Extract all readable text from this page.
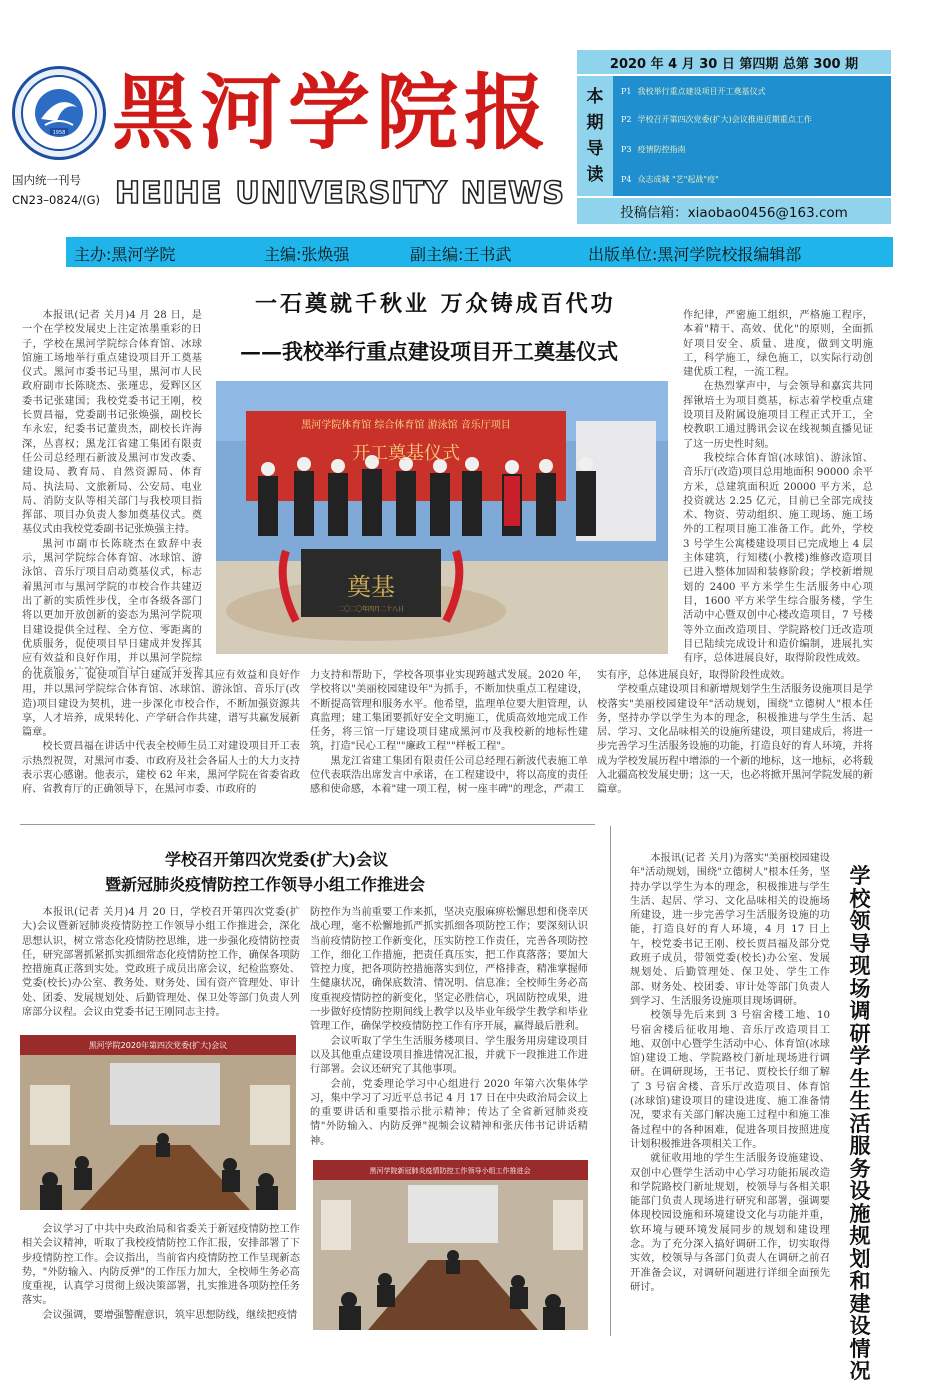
1958
国内统一刊号
CN23–0824/(G)
黑河学院报
HEIHE UNIVERSITY NEWS
2020 年 4 月 30 日 第四期 总第 300 期
本期导读
P1 我校举行重点建设项目开工奠基仪式
P2 学校召开第四次党委(扩大)会议推进近期重点工作
P3 疫情防控指南
P4 众志成城 "艺"起战"疫"
投稿信箱：xiaobao0456@163.com
主办:黑河学院	主编:张焕强	副主编:王书武	出版单位:黑河学院校报编辑部
一石奠就千秋业 万众铸成百代功
——我校举行重点建设项目开工奠基仪式

本报讯(记者 关月)4 月 28 日，是一个在学校发展史上注定浓墨重彩的日子，学校在黑河学院综合体育馆、冰球馆施工场地举行重点建设项目开工奠基仪式。黑河市委书记马里，黑河市人民政府副市长陈晓杰、张瑾忠，爱辉区区委书记张建国；我校党委书记王刚，校长贾昌福，党委副书记张焕强，副校长车永宏，纪委书记董贵杰，副校长许海深，丛喜权；黑龙江省建工集团有限责任公司总经理石新波及黑河市发改委、建设局、教育局、自然资源局、体育局、执法局、文旅新局、公安局、电业局、消防支队等相关部门与我校项目指挥部、项目办负责人参加奠基仪式。奠基仪式由我校党委副书记张焕强主持。

黑河市副市长陈晓杰在致辞中表示，黑河学院综合体育馆、冰球馆、游泳馆、音乐厅项目启动奠基仪式，标志着黑河市与黑河学院的市校合作共建迈出了新的实质性步伐，全市各级各部门将以更加开放创新的姿态为黑河学院项目建设提供全过程、全方位、零距离的优质服务，促使项目早日建成并发挥其应有效益和良好作用，并以黑河学院综

的优质服务，促使项目早日建成并发挥其应有效益和良好作用，并以黑河学院综合体育馆、冰球馆、游泳馆、音乐厅(改造)项目建设为契机，进一步深化市校合作，不断加强资源共享，人才培养，成果转化、产学研合作共建，谱写共赢发展新篇章。

校长贾昌福在讲话中代表全校师生员工对建设项目开工表示热烈祝贺，对黑河市委、市政府及社会各届人士的大力支持表示衷心感谢。他表示，建校 62 年来，黑河学院在省委省政府、省教育厅的正确领导下，在黑河市委、市政府的

黑河学院体育馆 综合体育馆 游泳馆 音乐厅项目
开工奠基仪式
奠基
二〇二〇年四月二十八日

力支持和帮助下，学校各项事业实现跨越式发展。2020 年，学校将以"美丽校园建设年"为抓手，不断加快重点工程建设，不断提高管理和服务水平。他希望，监理单位要大胆管理，认真监理；建工集团要抓好安全文明施工，优质高效地完成工作任务，将三馆一厅建设项目建成黑河市及我校新的地标性建筑，打造"民心工程""廉政工程""样板工程"。

黑龙江省建工集团有限责任公司总经理石新波代表施工单位代表联浩出席发言中承诺，在工程建设中，将以高度的责任感和使命感，本着"建一项工程，树一座丰碑"的理念，严肃工

作纪律，严密施工组织，严格施工程序，本着"精干、高效、优化"的原则，全面抓好项目安全、质量、进度，做到文明施工，科学施工，绿色施工，以实际行动创建优质工程，一流工程。

在热烈掌声中，与会领导和嘉宾共同挥锹培土为项目奠基，标志着学校重点建设项目及附属设施项目工程正式开工，全校教职工通过腾讯会议在线视频直播见证了这一历史性时刻。

我校综合体育馆(冰球馆)、游泳馆、音乐厅(改造)项目总用地面积 90000 余平方米，总建筑面积近 20000 平方米，总投资就达 2.25 亿元，目前已全部完成技术、物资、劳动组织、施工现场、施工场外的工程项目施工准备工作。此外，学校 3 号学生公寓楼建设项目已完成地上 4 层主体建筑，行知楼(小教楼)维修改造项目已进入整体加固和装修阶段；学校新增规划的 2400 平方米学生生活服务中心项目，1600 平方米学生综合服务楼，学生活动中心暨双创中心楼改造项目，7 号楼等外立面改造项目、学院路校门迁改造项目已陆续完成设计和造价编制，进展扎实有序，总体进展良好，取得阶段性成效。

实有序，总体进展良好，取得阶段性成效。

学校重点建设项目和新增规划学生生活服务设施项目是学校落实"美丽校园建设年"活动规划，围绕"立德树人"根本任务，坚持办学以学生为本的理念，积极推进与学生生活、起居、学习、文化品味相关的设施所建设，项目建成后，将进一步完善学习生活服务设施的功能，打造良好的育人环境，并将成为学校发展历程中增添的一个新的地标，这一地标，必将载入北疆高校发展史册；这一天，也必将掀开黑河学院发展的新篇章。

学校召开第四次党委(扩大)会议
暨新冠肺炎疫情防控工作领导小组工作推进会

本报讯(记者 关月)4 月 20 日，学校召开第四次党委(扩大)会议暨新冠肺炎疫情防控工作领导小组工作推进会，深化思想认识，树立常态化疫情防控思维，进一步强化疫情防控责任，研究部署抓紧抓实抓细常态化疫情防控工作，确保各项防控措施真正落到实处。党政班子成员出席会议，纪检监察处、党委(校长)办公室、教务处、财务处、国有资产管理处、审计处、团委、发展规划处、后勤管理处、保卫处等部门负责人列席部分议程。会议由党委书记王刚同志主持。

黑河学院2020年第四次党委(扩大)会议

会议学习了中共中央政治局和省委关于新冠疫情防控工作相关会议精神，听取了我校疫情防控工作汇报，安排部署了下步疫情防控工作。会议指出，当前省内疫情防控工作呈现新态势，"外防输入、内防反弹"的工作压力加大，全校师生务必高度重视，认真学习贯彻上级决策部署，扎实推进各项防控任务落实。

会议强调，要增强警醒意识，筑牢思想防线，继续把疫情

防控作为当前重要工作来抓，坚决克服麻痹松懈思想和侥幸厌战心理，毫不松懈地抓严抓实抓细各项防控工作；要深刻认识当前疫情防控工作新变化，压实防控工作责任，完善各项防控工作，细化工作措施，把责任真压实，把工作真落落；要加大管控力度，把各项防控措施落实到位，严格排查，精准掌握师生健康状况，确保底数清、情况明、信息准；全校师生务必高度重视疫情防控的新变化，坚定必胜信心，巩固防控成果，进一步做好疫情防控期间线上教学以及毕业年级学生教学和毕业管理工作，确保学校疫情防控工作有序开展，赢得最后胜利。

会议听取了学生生活服务楼项目、学生服务用房建设项目以及其他重点建设项目推进情况汇报，并就下一段推进工作进行部署。会议还研究了其他事项。

会前，党委理论学习中心组进行 2020 年第六次集体学习，集中学习了习近平总书记 4 月 17 日在中央政治局会议上的重要讲话和重要指示批示精神；传达了全省新冠肺炎疫情"外防输入、内防反弹"视频会议精神和张庆伟书记讲话精神。

黑河学院新冠肺炎疫情防控工作领导小组工作推进会

本报讯(记者 关月)为落实"美丽校园建设年"活动规划，围绕"立德树人"根本任务，坚持办学以学生为本的理念，积极推进与学生生活、起居、学习、文化品味相关的设施场所建设，进一步完善学习生活服务设施的功能，打造良好的育人环境，4 月 17 日上午，校党委书记王刚、校长贾昌福及部分党政班子成员，带领党委(校长)办公室、发展规划处、后勤管理处、保卫处、学生工作部、财务处、校团委、审计处等部门负责人到学习、生活服务设施项目现场调研。

校领导先后来到 3 号宿舍楼工地、10 号宿舍楼后征收用地、音乐厅改造项目工地、双创中心暨学生活动中心、体育馆(冰球馆)建设工地、学院路校门新址现场进行调研。在调研现场，王书记、贾校长仔细了解了 3 号宿舍楼、音乐厅改造项目、体育馆(冰球馆)建设项目的建设进度、施工准备情况，要求有关部门解决施工过程中和施工准备过程中的各种困难，促进各项目按照进度计划积极推进各项相关工作。

就征收用地的学生生活服务设施建设、双创中心暨学生活动中心学习功能拓展改造和学院路校门新址规划，校领导与各相关职能部门负责人现场进行研究和部署，强调要体现校园设施和环境建设文化与功能并重，软环境与硬环境发展同步的规划和建设理念。为了充分深入搞好调研工作，切实取得实效，校领导与各部门负责人在调研之前召开准备会议，对调研问题进行详细全面预先研讨。

学校领导现场调研学生生活服务设施规划和建设情况
